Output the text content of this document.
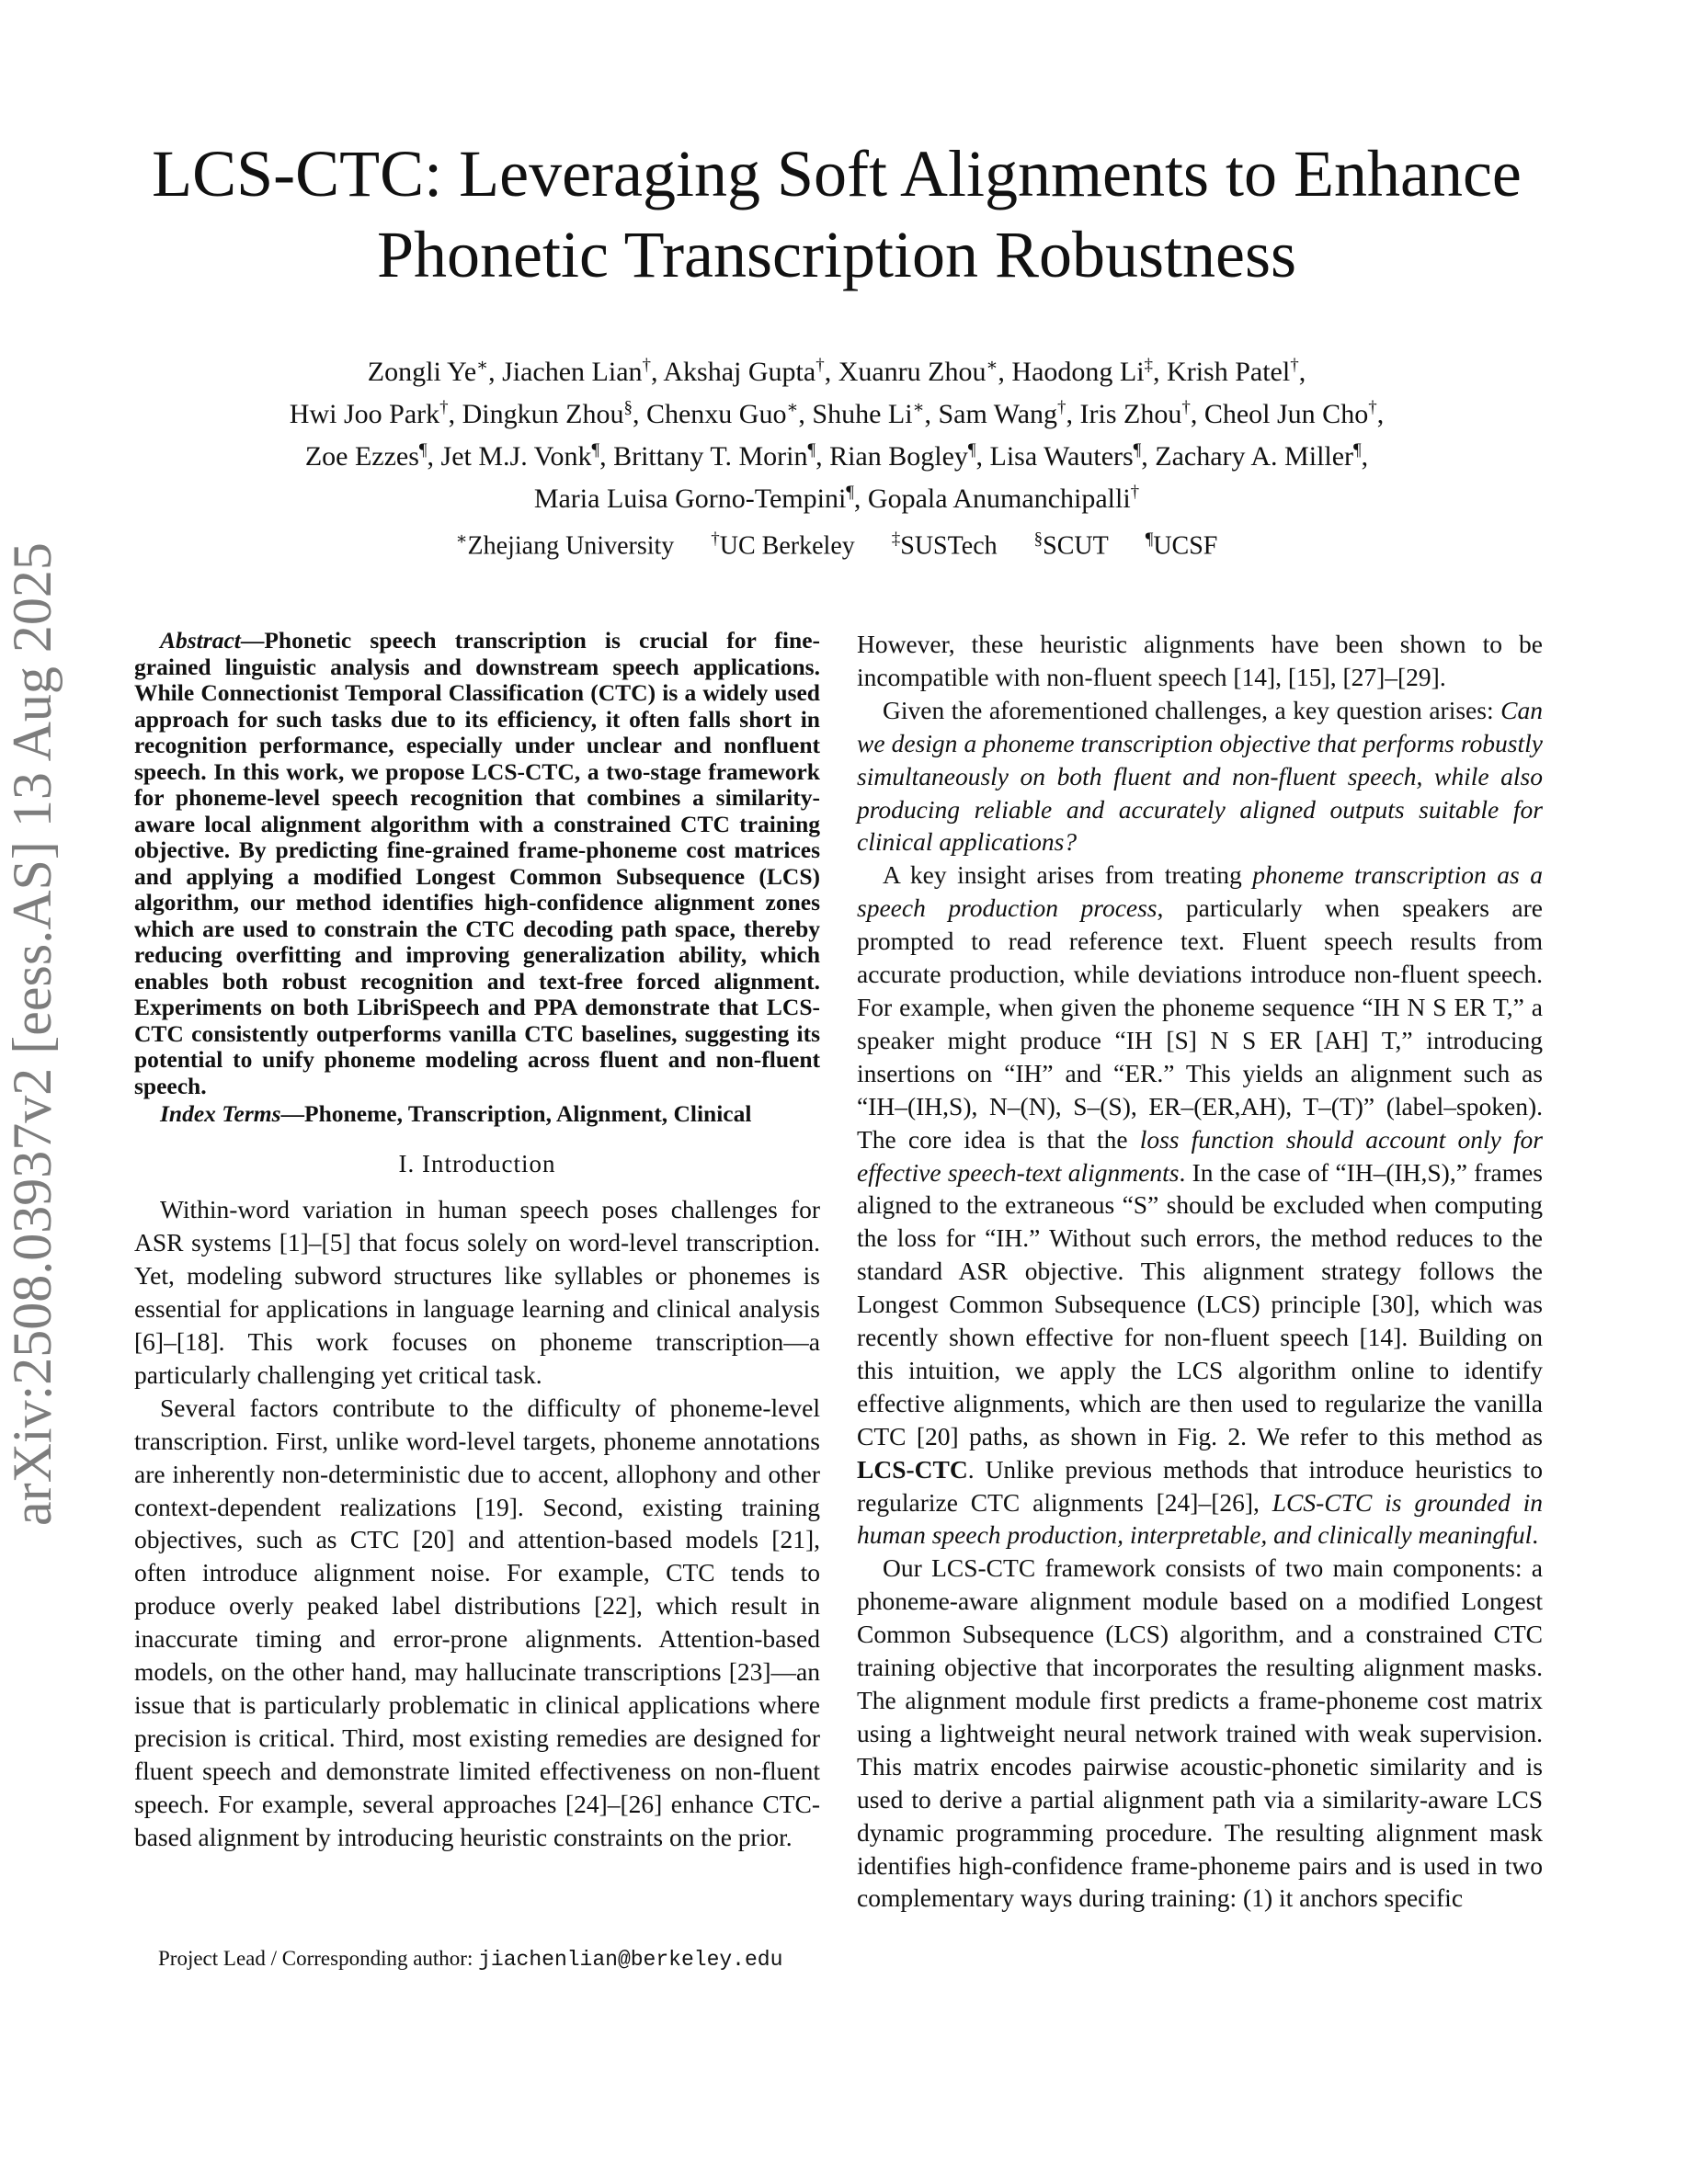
LCS-CTC: Leveraging Soft Alignments to Enhance
Phonetic Transcription Robustness
Zongli Ye∗, Jiachen Lian†, Akshaj Gupta†, Xuanru Zhou∗, Haodong Li‡, Krish Patel†,
Hwi Joo Park†, Dingkun Zhou§, Chenxu Guo∗, Shuhe Li∗, Sam Wang†, Iris Zhou†, Cheol Jun Cho†,
Zoe Ezzes¶, Jet M.J. Vonk¶, Brittany T. Morin¶, Rian Bogley¶, Lisa Wauters¶, Zachary A. Miller¶,
Maria Luisa Gorno-Tempini¶, Gopala Anumanchipalli†
∗Zhejiang University †UC Berkeley ‡SUSTech §SCUT ¶UCSF
arXiv:2508.03937v2 [eess.AS] 13 Aug 2025	Abstract—Phonetic speech transcription is crucial for fine-grained linguistic analysis and downstream speech applications. While Connectionist Temporal Classification (CTC) is a widely used approach for such tasks due to its efficiency, it often falls short in recognition performance, especially under unclear and nonfluent speech. In this work, we propose LCS-CTC, a two-stage framework for phoneme-level speech recognition that combines a similarity-aware local alignment algorithm with a constrained CTC training objective. By predicting fine-grained frame-phoneme cost matrices and applying a modified Longest Common Subsequence (LCS) algorithm, our method identifies high-confidence alignment zones which are used to constrain the CTC decoding path space, thereby reducing overfitting and improving generalization ability, which enables both robust recognition and text-free forced alignment. Experiments on both LibriSpeech and PPA demonstrate that LCS-CTC consistently outperforms vanilla CTC baselines, suggesting its potential to unify phoneme modeling across fluent and non-fluent speech.

Index Terms—Phoneme, Transcription, Alignment, Clinical

I. Introduction

Within-word variation in human speech poses challenges for ASR systems [1]–[5] that focus solely on word-level transcription. Yet, modeling subword structures like syllables or phonemes is essential for applications in language learning and clinical analysis [6]–[18]. This work focuses on phoneme transcription—a particularly challenging yet critical task.

Several factors contribute to the difficulty of phoneme-level transcription. First, unlike word-level targets, phoneme annotations are inherently non-deterministic due to accent, allophony and other context-dependent realizations [19]. Second, existing training objectives, such as CTC [20] and attention-based models [21], often introduce alignment noise. For example, CTC tends to produce overly peaked label distributions [22], which result in inaccurate timing and error-prone alignments. Attention-based models, on the other hand, may hallucinate transcriptions [23]—an issue that is particularly problematic in clinical applications where precision is critical. Third, most existing remedies are designed for fluent speech and demonstrate limited effectiveness on non-fluent speech. For example, several approaches [24]–[26] enhance CTC-based alignment by introducing heuristic constraints on the prior.

Project Lead / Corresponding author: jiachenlian@berkeley.edu

However, these heuristic alignments have been shown to be incompatible with non-fluent speech [14], [15], [27]–[29].

Given the aforementioned challenges, a key question arises: Can we design a phoneme transcription objective that performs robustly simultaneously on both fluent and non-fluent speech, while also producing reliable and accurately aligned outputs suitable for clinical applications?

A key insight arises from treating phoneme transcription as a speech production process, particularly when speakers are prompted to read reference text. Fluent speech results from accurate production, while deviations introduce non-fluent speech. For example, when given the phoneme sequence “IH N S ER T,” a speaker might produce “IH [S] N S ER [AH] T,” introducing insertions on “IH” and “ER.” This yields an alignment such as “IH–(IH,S), N–(N), S–(S), ER–(ER,AH), T–(T)” (label–spoken). The core idea is that the loss function should account only for effective speech-text alignments. In the case of “IH–(IH,S),” frames aligned to the extraneous “S” should be excluded when computing the loss for “IH.” Without such errors, the method reduces to the standard ASR objective. This alignment strategy follows the Longest Common Subsequence (LCS) principle [30], which was recently shown effective for non-fluent speech [14]. Building on this intuition, we apply the LCS algorithm online to identify effective alignments, which are then used to regularize the vanilla CTC [20] paths, as shown in Fig. 2. We refer to this method as LCS-CTC. Unlike previous methods that introduce heuristics to regularize CTC alignments [24]–[26], LCS-CTC is grounded in human speech production, interpretable, and clinically meaningful.

Our LCS-CTC framework consists of two main components: a phoneme-aware alignment module based on a modified Longest Common Subsequence (LCS) algorithm, and a constrained CTC training objective that incorporates the resulting alignment masks. The alignment module first predicts a frame-phoneme cost matrix using a lightweight neural network trained with weak supervision. This matrix encodes pairwise acoustic-phonetic similarity and is used to derive a partial alignment path via a similarity-aware LCS dynamic programming procedure. The resulting alignment mask identifies high-confidence frame-phoneme pairs and is used in two complementary ways during training: (1) it anchors specific
